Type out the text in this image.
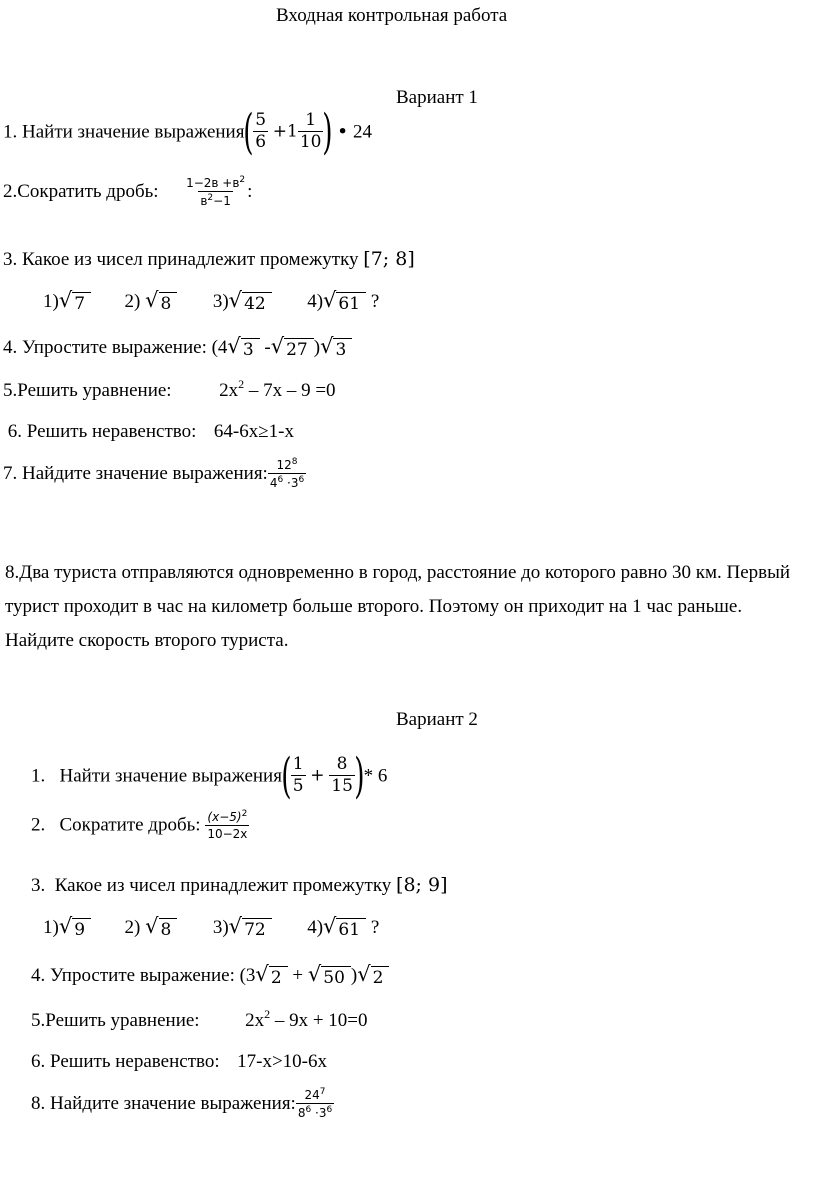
Входная контрольная работа
Вариант 1
1. Найти значение выражения( $\frac{5}{6} +1 \frac{1}{10}$ ) • 24
2.Сократить дробь: $\frac{1-2в +в^2}{в^2-1}$ :
3. Какое из чисел принадлежит промежутку [7; 8]
1) √ 7	2) √ 8	3) √ 42	4) √ 61 ?
4. Упростите выражение: (4 √ 3 - √ 27 ) √ 3
5.Решить уравнение:	$2x^2 - 7x - 9 =0$
6. Решить неравенство: 64-6x≥1-x
7. Найдите значение выражения: $\frac{12^8}{4^6 \cdot 3^6}$
8.Два туриста отправляются одновременно в город, расстояние до которого равно 30 км. Первый турист проходит в час на километр больше второго. Поэтому он приходит на 1 час раньше. Найдите скорость второго туриста.
Вариант 2
1.   Найти значение выражения( $\frac{1}{5} + \frac{8}{15}$ )* 6
2.   Сократите дробь: $\frac{(x-5)^2}{10-2x}$
3.  Какое из чисел принадлежит промежутку [8; 9]
1) √ 9	2) √ 8	3) √ 72	4) √ 61 ?
4. Упростите выражение: (3 √ 2 + √ 50 ) √ 2
5.Решить уравнение: $2x^2 - 9x + 10=0$
6. Решить неравенство: 17-x>10-6x
8. Найдите значение выражения: $\frac{24^7}{8^6 \cdot 3^6}$
